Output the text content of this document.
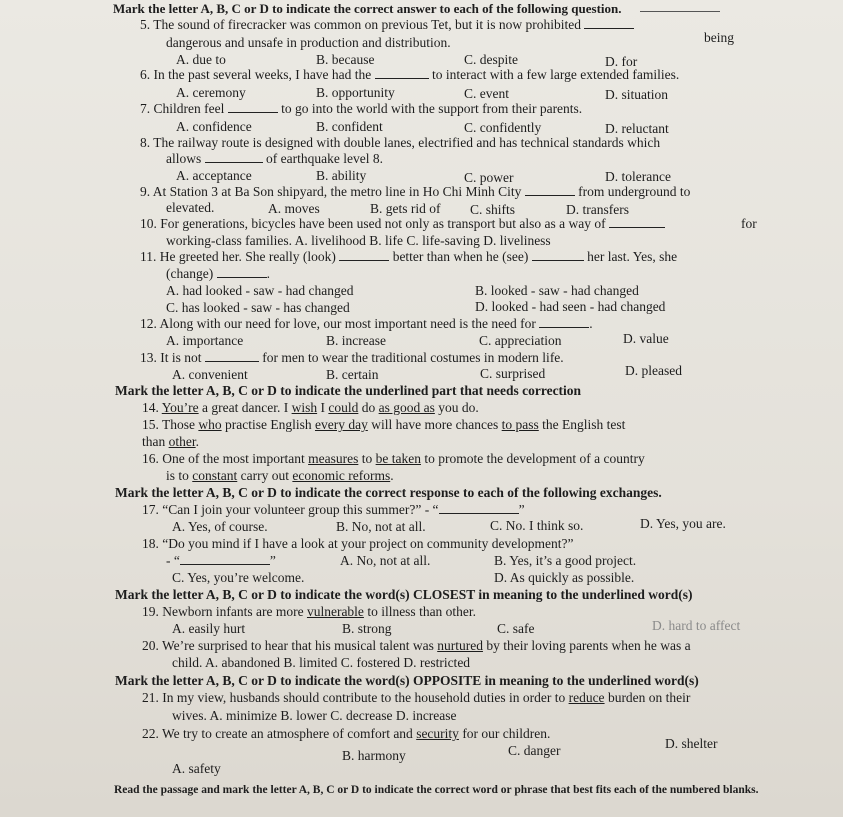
Mark the letter A, B, C or D to indicate the correct answer to each of the following question.
5. The sound of firecracker was common on previous Tet, but it is now prohibited
being
dangerous and unsafe in production and distribution.
A. due to	B. because	C. despite	D. for
6. In the past several weeks, I have had the	to interact with a few large extended families.
A. ceremony	B. opportunity	C. event	D. situation
7. Children feel	to go into the world with the support from their parents.
A. confidence	B. confident	C. confidently	D. reluctant
8. The railway route is designed with double lanes, electrified and has technical standards which
allows	of earthquake level 8.
A. acceptance	B. ability	C. power	D. tolerance
9. At Station 3 at Ba Son shipyard, the metro line in Ho Chi Minh City	from underground to
elevated.	A. moves	B. gets rid of C. shifts	D. transfers
10. For generations, bicycles have been used not only as transport but also as a way of	for
working-class families. A. livelihood B. life C. life-saving D. liveliness
11. He greeted her. She really (look)	better than when he (see)	her last. Yes, she
(change)	.
A. had looked - saw - had changed	B. looked - saw - had changed
C. has looked - saw - has changed	D. looked - had seen - had changed
12. Along with our need for love, our most important need is the need for	.
A. importance	B. increase	C. appreciation	D. value
13. It is not	for men to wear the traditional costumes in modern life.
A. convenient	B. certain	C. surprised	D. pleased
Mark the letter A, B, C or D to indicate the underlined part that needs correction
14. You’re a great dancer. I wish I could do as good as you do.
15. Those who practise English every day will have more chances to pass the English test
than other.
16. One of the most important measures to be taken to promote the development of a country
is to constant carry out economic reforms.
Mark the letter A, B, C or D to indicate the correct response to each of the following exchanges.
17. “Can I join your volunteer group this summer?” - “	”
A. Yes, of course.	B. No, not at all.	C. No. I think so.	D. Yes, you are.
18. “Do you mind if I have a look at your project on community development?”
- “	”	A. No, not at all.	B. Yes, it’s a good project.
C. Yes, you’re welcome.	D. As quickly as possible.
Mark the letter A, B, C or D to indicate the word(s) CLOSEST in meaning to the underlined word(s)
19. Newborn infants are more vulnerable to illness than other.
A. easily hurt	B. strong	C. safe	D. hard to affect
20. We’re surprised to hear that his musical talent was nurtured by their loving parents when he was a
child. A. abandoned B. limited C. fostered D. restricted
Mark the letter A, B, C or D to indicate the word(s) OPPOSITE in meaning to the underlined word(s)
21. In my view, husbands should contribute to the household duties in order to reduce burden on their
wives. A. minimize B. lower C. decrease D. increase
22. We try to create an atmosphere of comfort and security for our children.
A. safety
B. harmony	C. danger	D. shelter
Read the passage and mark the letter A, B, C or D to indicate the correct word or phrase that best fits each of the numbered blanks.
